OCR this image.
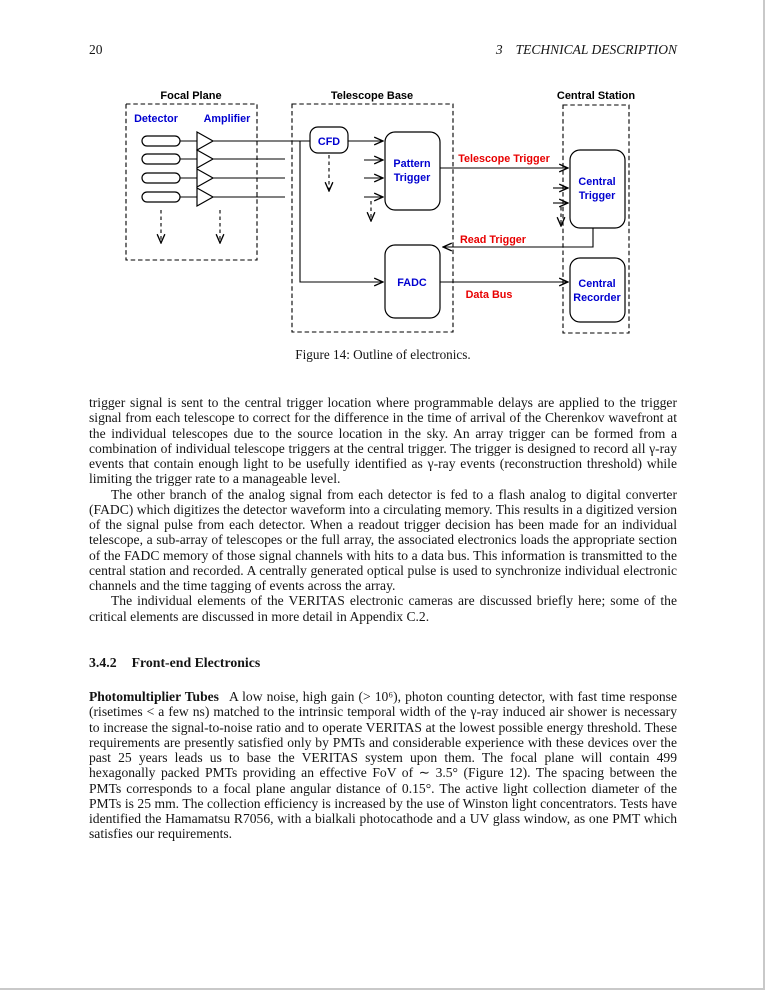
20	3 TECHNICAL DESCRIPTION
Focal Plane
Detector Amplifier
Telescope Base
CFD
Pattern
Trigger
FADC
Central Station
Central
Trigger
Central
Recorder
Telescope Trigger
Read Trigger
Data Bus
Figure 14: Outline of electronics.

trigger signal is sent to the central trigger location where programmable delays are applied to the trigger signal from each telescope to correct for the difference in the time of arrival of the Cherenkov wavefront at the individual telescopes due to the source location in the sky. An array trigger can be formed from a combination of individual telescope triggers at the central trigger. The trigger is designed to record all γ-ray events that contain enough light to be usefully identified as γ-ray events (reconstruction threshold) while limiting the trigger rate to a manageable level.

The other branch of the analog signal from each detector is fed to a flash analog to digital converter (FADC) which digitizes the detector waveform into a circulating memory. This results in a digitized version of the signal pulse from each detector. When a readout trigger decision has been made for an individual telescope, a sub-array of telescopes or the full array, the associated electronics loads the appropriate section of the FADC memory of those signal channels with hits to a data bus. This information is transmitted to the central station and recorded. A centrally generated optical pulse is used to synchronize individual electronic channels and the time tagging of events across the array.

The individual elements of the VERITAS electronic cameras are discussed briefly here; some of the critical elements are discussed in more detail in Appendix C.2.

3.4.2 Front-end Electronics

Photomultiplier Tubes A low noise, high gain (> 10⁶), photon counting detector, with fast time response (risetimes < a few ns) matched to the intrinsic temporal width of the γ-ray induced air shower is necessary to increase the signal-to-noise ratio and to operate VERITAS at the lowest possible energy threshold. These requirements are presently satisfied only by PMTs and considerable experience with these devices over the past 25 years leads us to base the VERITAS system upon them. The focal plane will contain 499 hexagonally packed PMTs providing an effective FoV of ∼ 3.5° (Figure 12). The spacing between the PMTs corresponds to a focal plane angular distance of 0.15°. The active light collection diameter of the PMTs is 25 mm. The collection efficiency is increased by the use of Winston light concentrators. Tests have identified the Hamamatsu R7056, with a bialkali photocathode and a UV glass window, as one PMT which satisfies our requirements.
